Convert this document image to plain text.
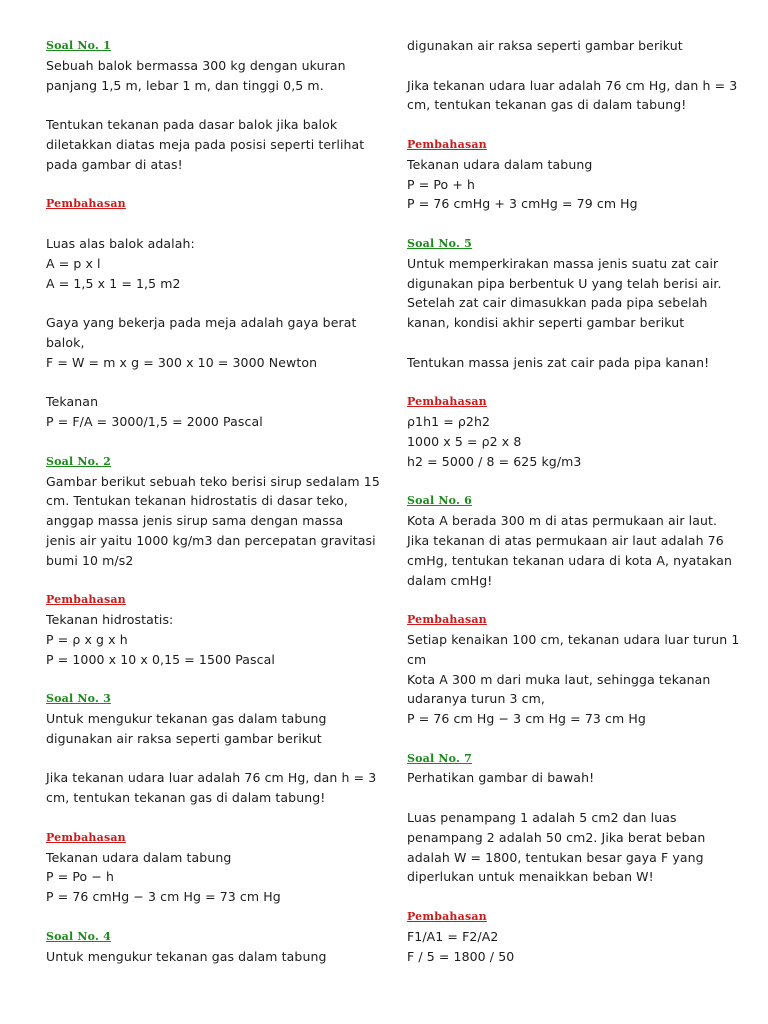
Soal No. 1
Sebuah balok bermassa 300 kg dengan ukuran
panjang 1,5 m, lebar 1 m, dan tinggi 0,5 m.
Tentukan tekanan pada dasar balok jika balok
diletakkan diatas meja pada posisi seperti terlihat
pada gambar di atas!
Pembahasan
Luas alas balok adalah:
A = p x l
A = 1,5 x 1 = 1,5 m2
Gaya yang bekerja pada meja adalah gaya berat
balok,
F = W = m x g = 300 x 10 = 3000 Newton
Tekanan
P = F/A = 3000/1,5 = 2000 Pascal
Soal No. 2
Gambar berikut sebuah teko berisi sirup sedalam 15
cm. Tentukan tekanan hidrostatis di dasar teko,
anggap massa jenis sirup sama dengan massa
jenis air yaitu 1000 kg/m3 dan percepatan gravitasi
bumi 10 m/s2
Pembahasan
Tekanan hidrostatis:
P = ρ x g x h
P = 1000 x 10 x 0,15 = 1500 Pascal
Soal No. 3
Untuk mengukur tekanan gas dalam tabung
digunakan air raksa seperti gambar berikut
Jika tekanan udara luar adalah 76 cm Hg, dan h = 3
cm, tentukan tekanan gas di dalam tabung!
Pembahasan
Tekanan udara dalam tabung
P = Po − h
P = 76 cmHg − 3 cm Hg = 73 cm Hg
Soal No. 4
Untuk mengukur tekanan gas dalam tabung
digunakan air raksa seperti gambar berikut
Jika tekanan udara luar adalah 76 cm Hg, dan h = 3
cm, tentukan tekanan gas di dalam tabung!
Pembahasan
Tekanan udara dalam tabung
P = Po + h
P = 76 cmHg + 3 cmHg = 79 cm Hg
Soal No. 5
Untuk memperkirakan massa jenis suatu zat cair
digunakan pipa berbentuk U yang telah berisi air.
Setelah zat cair dimasukkan pada pipa sebelah
kanan, kondisi akhir seperti gambar berikut
Tentukan massa jenis zat cair pada pipa kanan!
Pembahasan
ρ1h1 = ρ2h2
1000 x 5 = ρ2 x 8
h2 = 5000 / 8 = 625 kg/m3
Soal No. 6
Kota A berada 300 m di atas permukaan air laut.
Jika tekanan di atas permukaan air laut adalah 76
cmHg, tentukan tekanan udara di kota A, nyatakan
dalam cmHg!
Pembahasan
Setiap kenaikan 100 cm, tekanan udara luar turun 1
cm
Kota A 300 m dari muka laut, sehingga tekanan
udaranya turun 3 cm,
P = 76 cm Hg − 3 cm Hg = 73 cm Hg
Soal No. 7
Perhatikan gambar di bawah!
Luas penampang 1 adalah 5 cm2 dan luas
penampang 2 adalah 50 cm2. Jika berat beban
adalah W = 1800, tentukan besar gaya F yang
diperlukan untuk menaikkan beban W!
Pembahasan
F1/A1 = F2/A2
F / 5 = 1800 / 50
